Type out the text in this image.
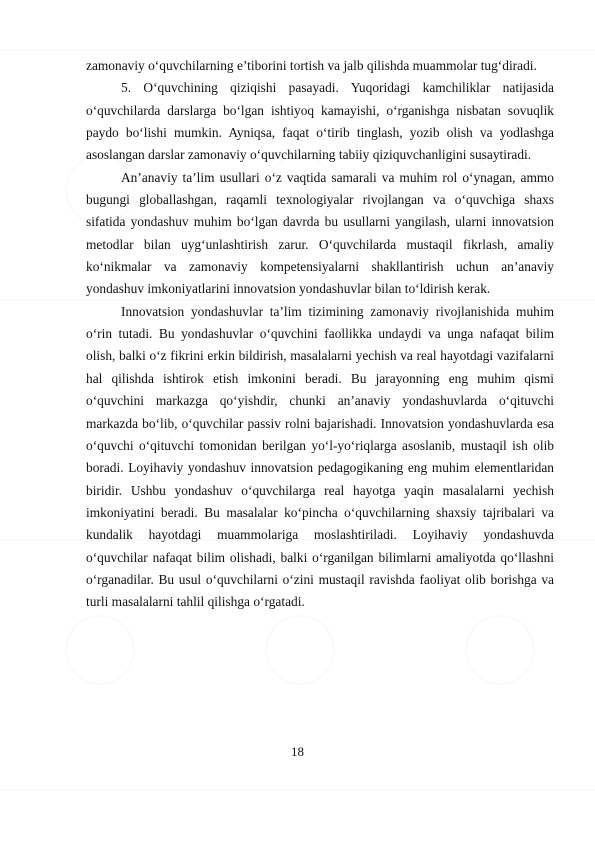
zamonaviy o‘quvchilarning e’tiborini tortish va jalb qilishda muammolar tug‘diradi.

5. O‘quvchining qiziqishi pasayadi. Yuqoridagi kamchiliklar natijasida o‘quvchilarda darslarga bo‘lgan ishtiyoq kamayishi, o‘rganishga nisbatan sovuqlik paydo bo‘lishi mumkin. Ayniqsa, faqat o‘tirib tinglash, yozib olish va yodlashga asoslangan darslar zamonaviy o‘quvchilarning tabiiy qiziquvchanligini susaytiradi.

An’anaviy ta’lim usullari o‘z vaqtida samarali va muhim rol o‘ynagan, ammo bugungi globallashgan, raqamli texnologiyalar rivojlangan va o‘quvchiga shaxs sifatida yondashuv muhim bo‘lgan davrda bu usullarni yangilash, ularni innovatsion metodlar bilan uyg‘unlashtirish zarur. O‘quvchilarda mustaqil fikrlash, amaliy ko‘nikmalar va zamonaviy kompetensiyalarni shakllantirish uchun an’anaviy yondashuv imkoniyatlarini innovatsion yondashuvlar bilan to‘ldirish kerak.

Innovatsion yondashuvlar ta’lim tizimining zamonaviy rivojlanishida muhim o‘rin tutadi. Bu yondashuvlar o‘quvchini faollikka undaydi va unga nafaqat bilim olish, balki o‘z fikrini erkin bildirish, masalalarni yechish va real hayotdagi vazifalarni hal qilishda ishtirok etish imkonini beradi. Bu jarayonning eng muhim qismi o‘quvchini markazga qo‘yishdir, chunki an’anaviy yondashuvlarda o‘qituvchi markazda bo‘lib, o‘quvchilar passiv rolni bajarishadi. Innovatsion yondashuvlarda esa o‘quvchi o‘qituvchi tomonidan berilgan yo‘l-yo‘riqlarga asoslanib, mustaqil ish olib boradi. Loyihaviy yondashuv innovatsion pedagogikaning eng muhim elementlaridan biridir. Ushbu yondashuv o‘quvchilarga real hayotga yaqin masalalarni yechish imkoniyatini beradi. Bu masalalar ko‘pincha o‘quvchilarning shaxsiy tajribalari va kundalik hayotdagi muammolariga moslashtiriladi. Loyihaviy yondashuvda o‘quvchilar nafaqat bilim olishadi, balki o‘rganilgan bilimlarni amaliyotda qo‘llashni o‘rganadilar. Bu usul o‘quvchilarni o‘zini mustaqil ravishda faoliyat olib borishga va turli masalalarni tahlil qilishga o‘rgatadi.

18
